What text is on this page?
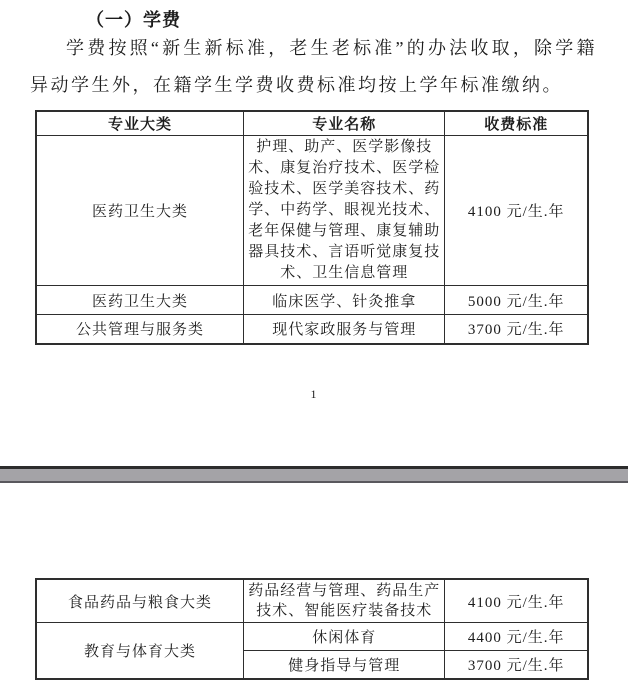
（一）学费
学费按照“新生新标准，老生老标准”的办法收取，除学籍异动学生外，在籍学生学费收费标准均按上学年标准缴纳。
专业大类	专业名称	收费标准
医药卫生大类	护理、助产、医学影像技术、康复治疗技术、医学检验技术、医学美容技术、药学、中药学、眼视光技术、老年保健与管理、康复辅助器具技术、言语听觉康复技术、卫生信息管理	4100 元/生.年
医药卫生大类	临床医学、针灸推拿	5000 元/生.年
公共管理与服务类	现代家政服务与管理	3700 元/生.年
1
食品药品与粮食大类	药品经营与管理、药品生产技术、智能医疗装备技术	4100 元/生.年
教育与体育大类	休闲体育	4400 元/生.年
	健身指导与管理	3700 元/生.年
